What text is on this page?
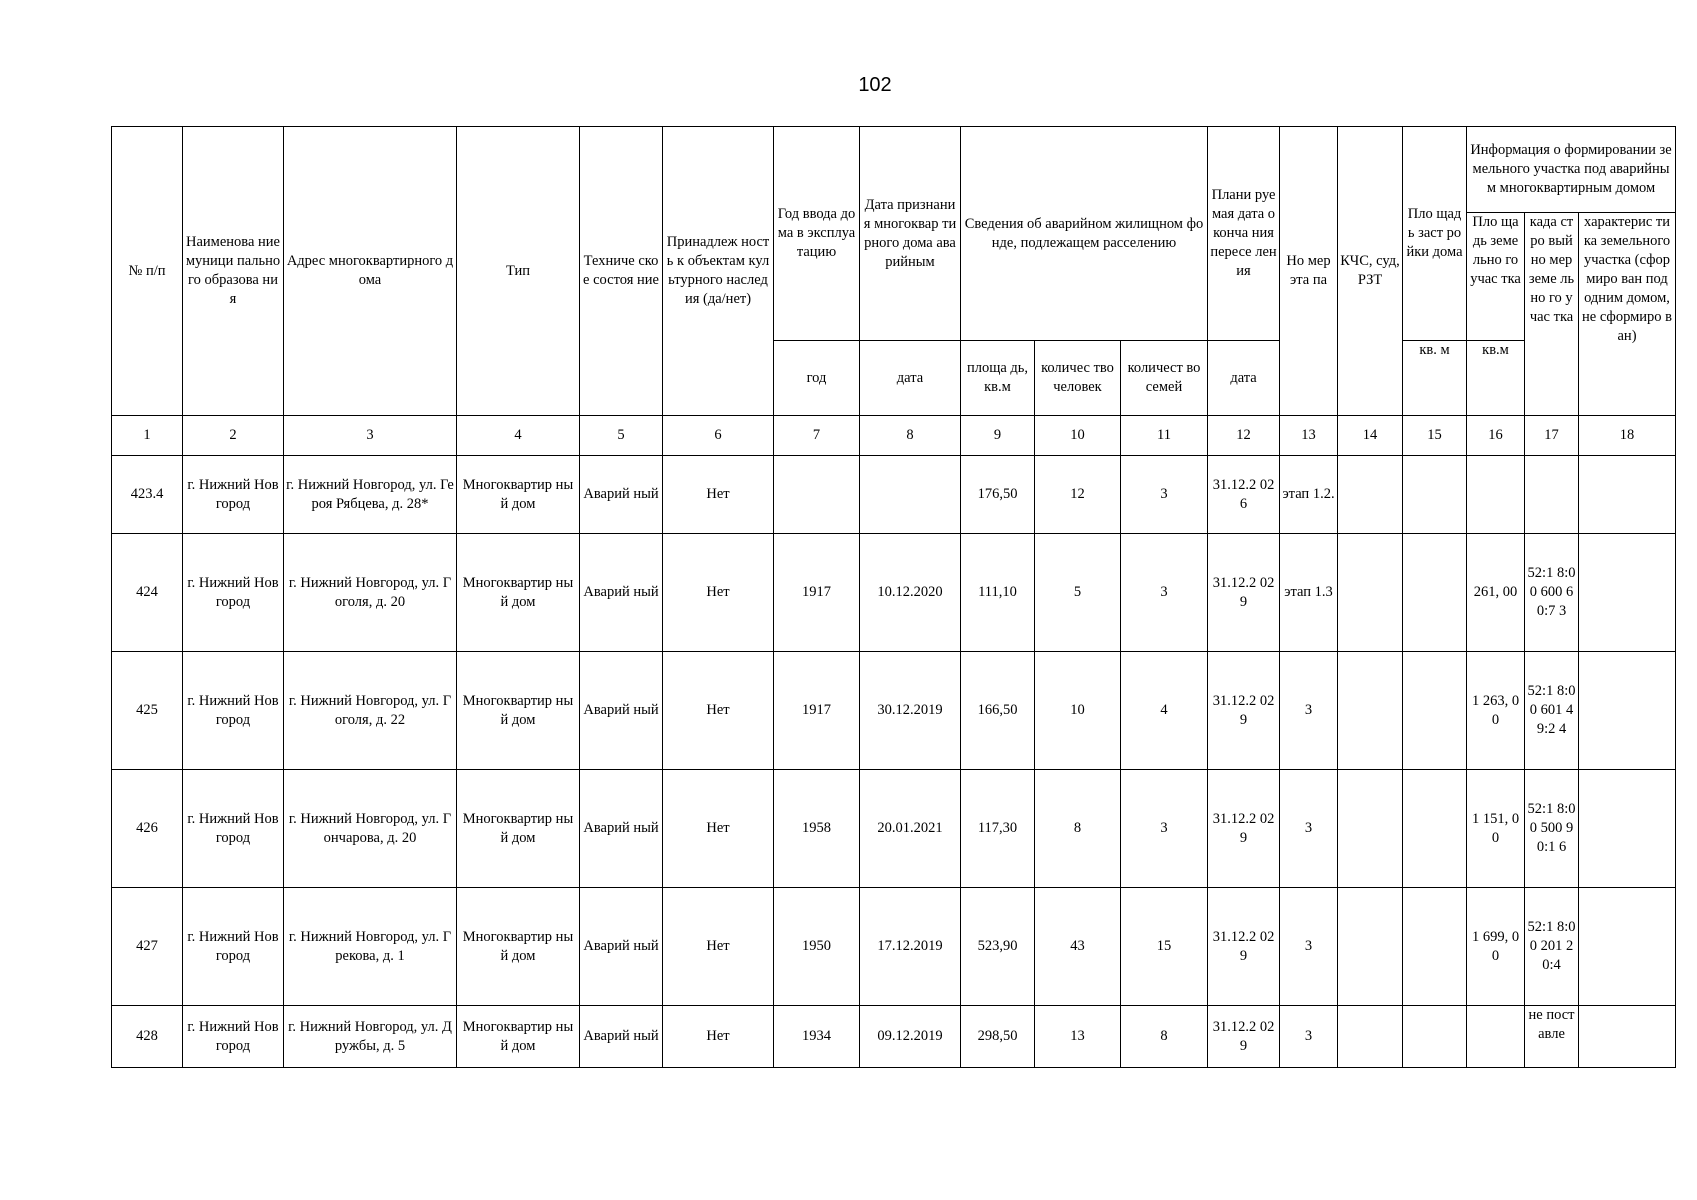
102
№ п/п	Наименова ние муници пального образова ния	Адрес многоквартирного дома	Тип	Техниче ское состоя ние	Принадлеж ность к объектам культурного наследия (да/нет)	Год ввода дома в эксплуа тацию	Дата признания многоквар тирного дома аварийным	Сведения об аварийном жилищном фонде, подлежащем расселению			Плани руемая дата оконча ния пересе ления	Но мер эта па	КЧС, суд, РЗТ	Пло щадь заст ройки дома	Информация о формировании земельного участка под аварийным многоквартирным домом		
															Пло щадь земе льно го учас тка	када стро вый но мер земе льно го учас тка	характерис тика земельного участка (сформиро ван под одним домом, не сформиро ван)
						год	дата	площа дь, кв.м	количес тво человек	количест во семей	дата			кв. м	кв.м		
1	2	3	4	5	6	7	8	9	10	11	12	13	14	15	16	17	18
423.4	г. Нижний Новгород	г. Нижний Новгород, ул. Героя Рябцева, д. 28*	Многоквартир ный дом	Аварий ный	Нет			176,50	12	3	31.12.2 026	этап 1.2.					
424	г. Нижний Новгород	г. Нижний Новгород, ул. Гоголя, д. 20	Многоквартир ный дом	Аварий ный	Нет	1917	10.12.2020	111,10	5	3	31.12.2 029	этап 1.3			261, 00	52:1 8:00 600 60:7 3	
425	г. Нижний Новгород	г. Нижний Новгород, ул. Гоголя, д. 22	Многоквартир ный дом	Аварий ный	Нет	1917	30.12.2019	166,50	10	4	31.12.2 029	3			1 263, 00	52:1 8:00 601 49:2 4	
426	г. Нижний Новгород	г. Нижний Новгород, ул. Гончарова, д. 20	Многоквартир ный дом	Аварий ный	Нет	1958	20.01.2021	117,30	8	3	31.12.2 029	3			1 151, 00	52:1 8:00 500 90:1 6	
427	г. Нижний Новгород	г. Нижний Новгород, ул. Грекова, д. 1	Многоквартир ный дом	Аварий ный	Нет	1950	17.12.2019	523,90	43	15	31.12.2 029	3			1 699, 00	52:1 8:00 201 20:4	
428	г. Нижний Новгород	г. Нижний Новгород, ул. Дружбы, д. 5	Многоквартир ный дом	Аварий ный	Нет	1934	09.12.2019	298,50	13	8	31.12.2 029	3				не пост авле	
